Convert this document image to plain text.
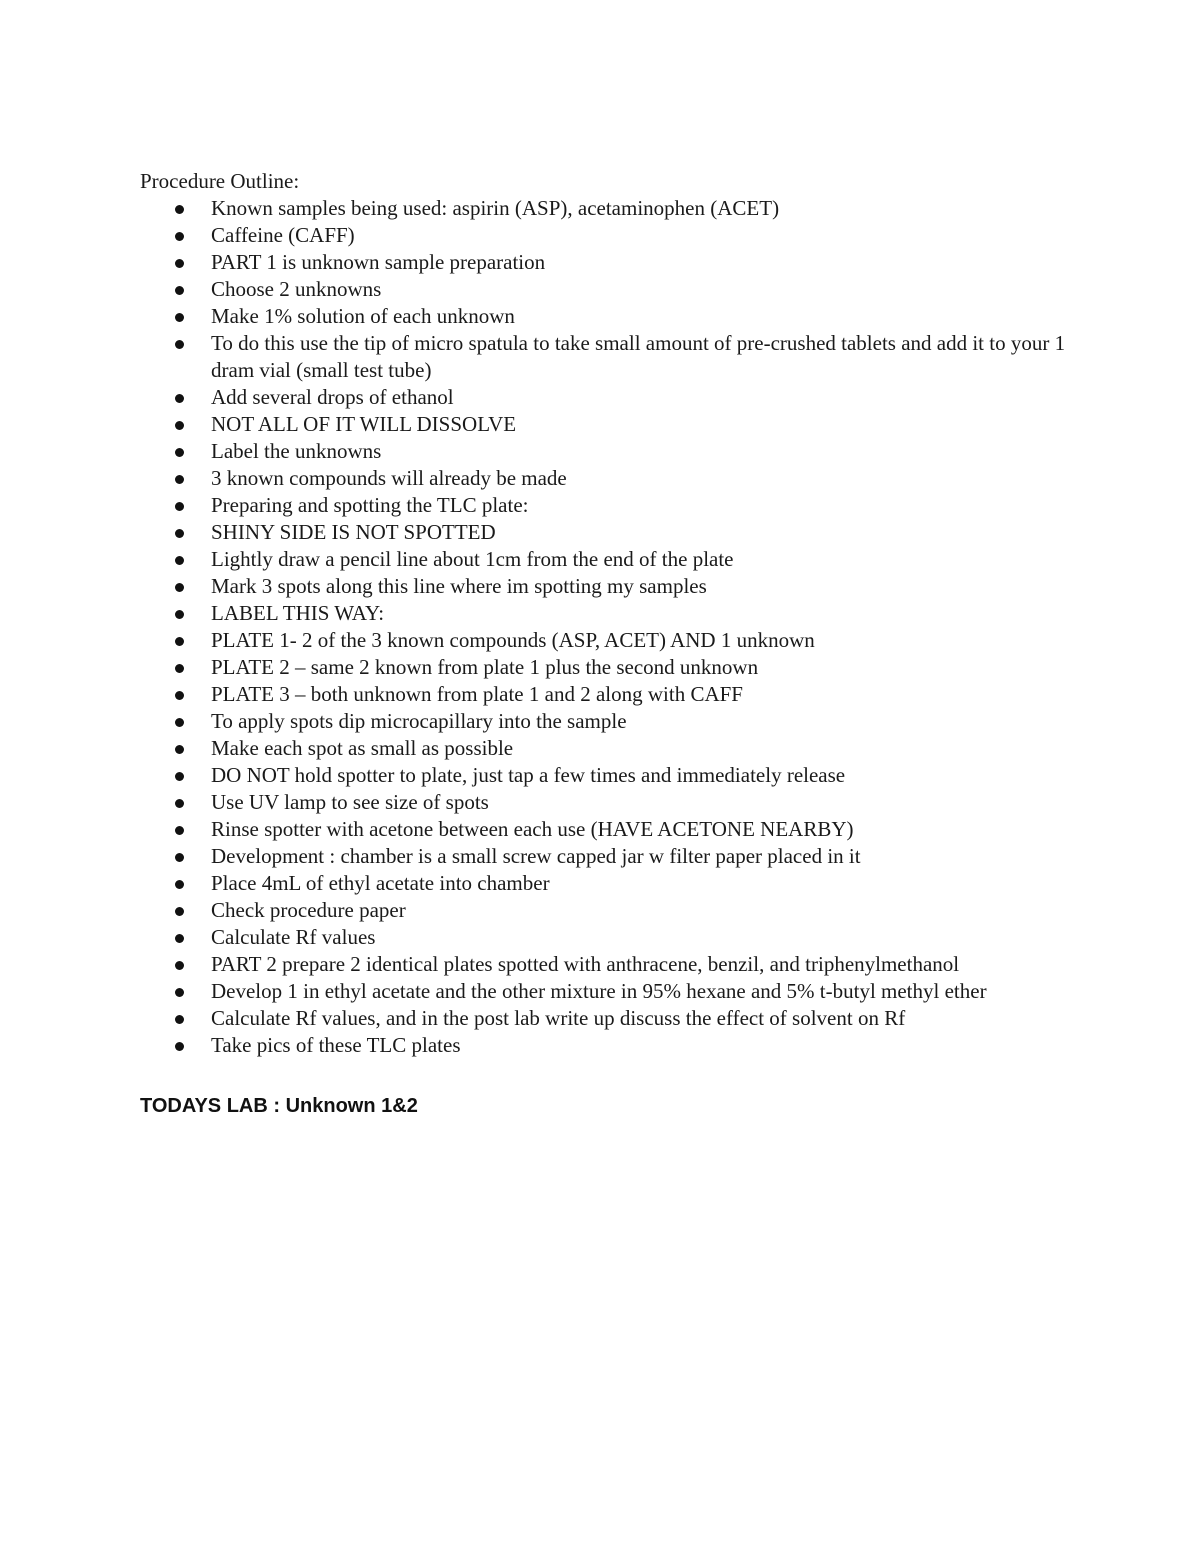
Procedure Outline:

Known samples being used: aspirin (ASP), acetaminophen (ACET)
Caffeine (CAFF)
PART 1 is unknown sample preparation
Choose 2 unknowns
Make 1% solution of each unknown
To do this use the tip of micro spatula to take small amount of pre-crushed tablets and add it to your 1 dram vial (small test tube)
Add several drops of ethanol
NOT ALL OF IT WILL DISSOLVE
Label the unknowns
3 known compounds will already be made
Preparing and spotting the TLC plate:
SHINY SIDE IS NOT SPOTTED
Lightly draw a pencil line about 1cm from the end of the plate
Mark 3 spots along this line where im spotting my samples
LABEL THIS WAY:
PLATE 1- 2 of the 3 known compounds (ASP, ACET) AND 1 unknown
PLATE 2 – same 2 known from plate 1 plus the second unknown
PLATE 3 – both unknown from plate 1 and 2 along with CAFF
To apply spots dip microcapillary into the sample
Make each spot as small as possible
DO NOT hold spotter to plate, just tap a few times and immediately release
Use UV lamp to see size of spots
Rinse spotter with acetone between each use (HAVE ACETONE NEARBY)
Development : chamber is a small screw capped jar w filter paper placed in it
Place 4mL of ethyl acetate into chamber
Check procedure paper
Calculate Rf values
PART 2 prepare 2 identical plates spotted with anthracene, benzil, and triphenylmethanol
Develop 1 in ethyl acetate and the other mixture in 95% hexane and 5% t-butyl methyl ether
Calculate Rf values, and in the post lab write up discuss the effect of solvent on Rf
Take pics of these TLC plates
TODAYS LAB : Unknown 1&2
